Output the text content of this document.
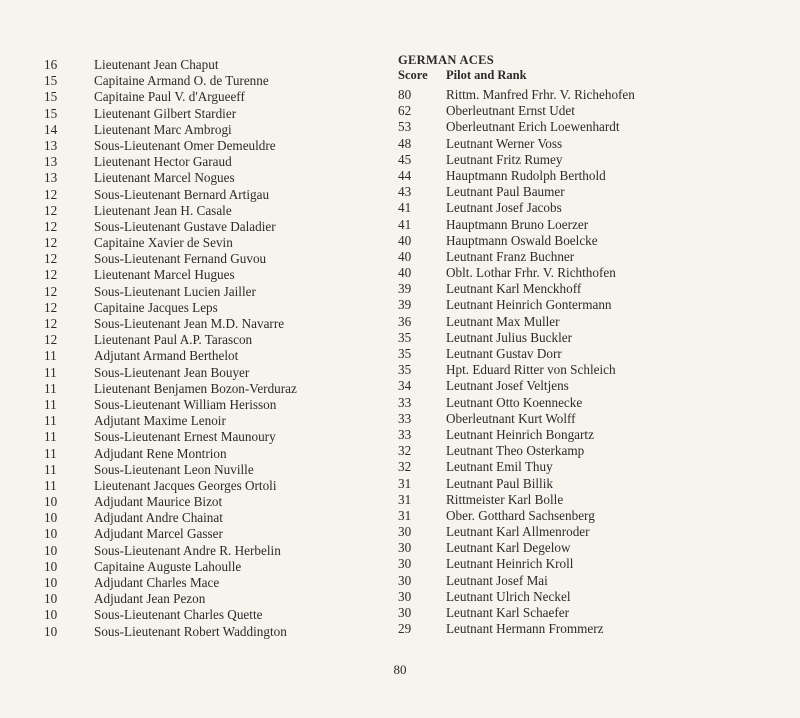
16	Lieutenant Jean Chaput
15	Capitaine Armand O. de Turenne
15	Capitaine Paul V. d'Argueeff
15	Lieutenant Gilbert Stardier
14	Lieutenant Marc Ambrogi
13	Sous-Lieutenant Omer Demeuldre
13	Lieutenant Hector Garaud
13	Lieutenant Marcel Nogues
12	Sous-Lieutenant Bernard Artigau
12	Lieutenant Jean H. Casale
12	Sous-Lieutenant Gustave Daladier
12	Capitaine Xavier de Sevin
12	Sous-Lieutenant Fernand Guvou
12	Lieutenant Marcel Hugues
12	Sous-Lieutenant Lucien Jailler
12	Capitaine Jacques Leps
12	Sous-Lieutenant Jean M.D. Navarre
12	Lieutenant Paul A.P. Tarascon
11	Adjutant Armand Berthelot
11	Sous-Lieutenant Jean Bouyer
11	Lieutenant Benjamen Bozon-Verduraz
11	Sous-Lieutenant William Herisson
11	Adjutant Maxime Lenoir
11	Sous-Lieutenant Ernest Maunoury
11	Adjudant Rene Montrion
11	Sous-Lieutenant Leon Nuville
11	Lieutenant Jacques Georges Ortoli
10	Adjudant Maurice Bizot
10	Adjudant Andre Chainat
10	Adjudant Marcel Gasser
10	Sous-Lieutenant Andre R. Herbelin
10	Capitaine Auguste Lahoulle
10	Adjudant Charles Mace
10	Adjudant Jean Pezon
10	Sous-Lieutenant Charles Quette
10	Sous-Lieutenant Robert Waddington
GERMAN ACES
Score	Pilot and Rank
80	Rittm. Manfred Frhr. V. Richehofen
62	Oberleutnant Ernst Udet
53	Oberleutnant Erich Loewenhardt
48	Leutnant Werner Voss
45	Leutnant Fritz Rumey
44	Hauptmann Rudolph Berthold
43	Leutnant Paul Baumer
41	Leutnant Josef Jacobs
41	Hauptmann Bruno Loerzer
40	Hauptmann Oswald Boelcke
40	Leutnant Franz Buchner
40	Oblt. Lothar Frhr. V. Richthofen
39	Leutnant Karl Menckhoff
39	Leutnant Heinrich Gontermann
36	Leutnant Max Muller
35	Leutnant Julius Buckler
35	Leutnant Gustav Dorr
35	Hpt. Eduard Ritter von Schleich
34	Leutnant Josef Veltjens
33	Leutnant Otto Koennecke
33	Oberleutnant Kurt Wolff
33	Leutnant Heinrich Bongartz
32	Leutnant Theo Osterkamp
32	Leutnant Emil Thuy
31	Leutnant Paul Billik
31	Rittmeister Karl Bolle
31	Ober. Gotthard Sachsenberg
30	Leutnant Karl Allmenroder
30	Leutnant Karl Degelow
30	Leutnant Heinrich Kroll
30	Leutnant Josef Mai
30	Leutnant Ulrich Neckel
30	Leutnant Karl Schaefer
29	Leutnant Hermann Frommerz
80
